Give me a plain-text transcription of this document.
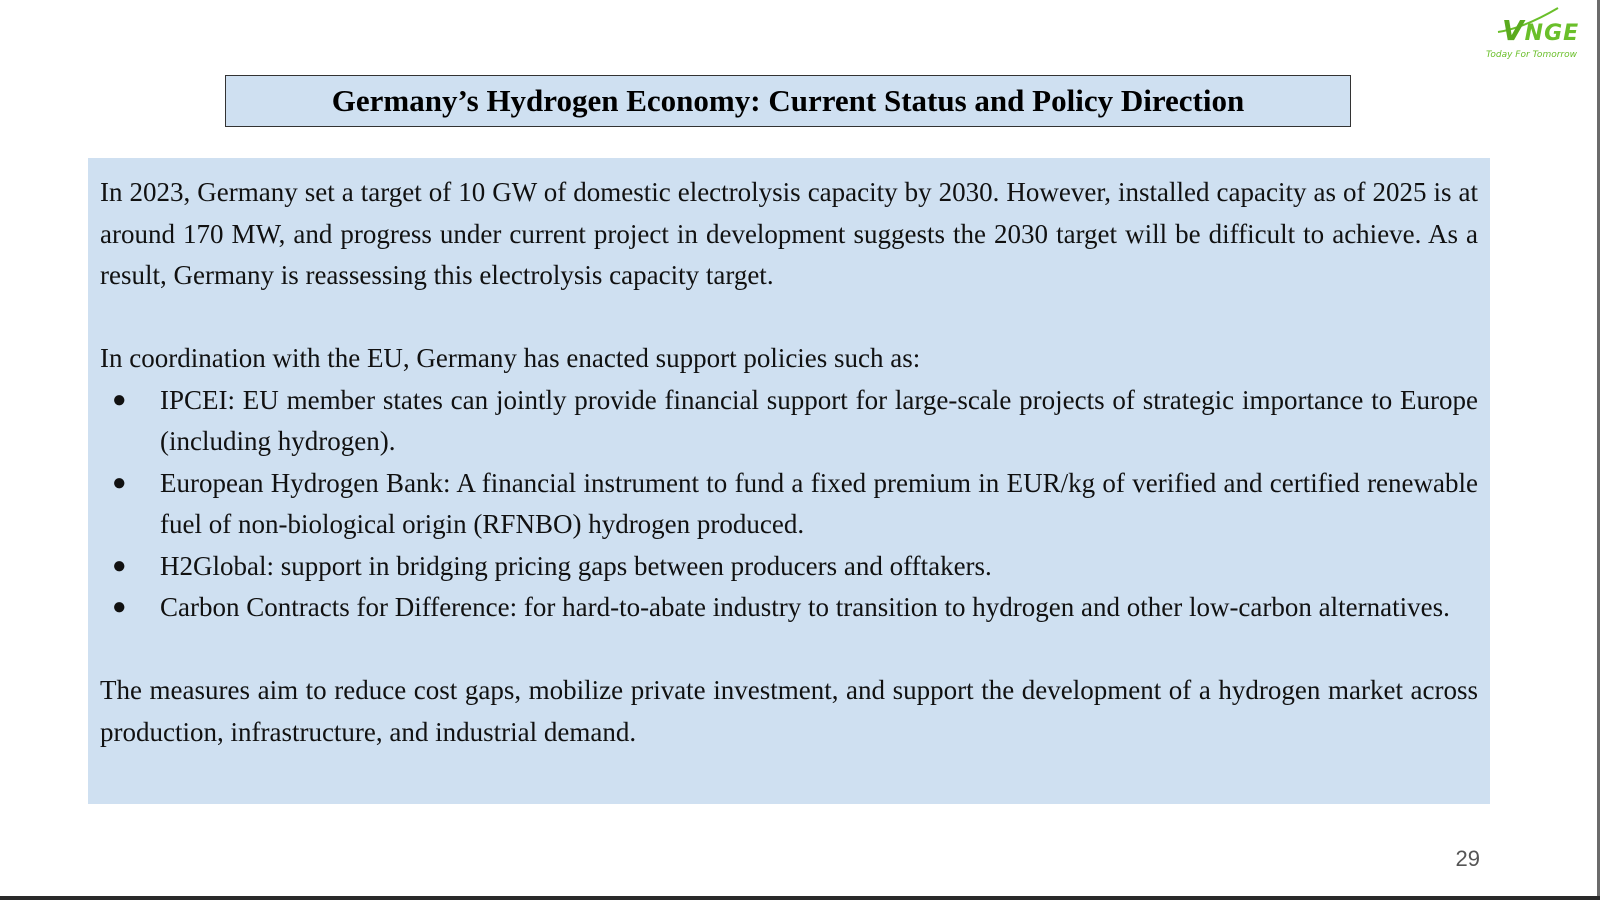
VNGE
Today For Tomorrow
Germany’s Hydrogen Economy: Current Status and Policy Direction

In 2023, Germany set a target of 10 GW of domestic electrolysis capacity by 2030. However, installed capacity as of 2025 is at around 170 MW, and progress under current project in development suggests the 2030 target will be difficult to achieve. As a result, Germany is reassessing this electrolysis capacity target.

In coordination with the EU, Germany has enacted support policies such as:

● IPCEI: EU member states can jointly provide financial support for large-scale projects of strategic importance to Europe (including hydrogen).
● European Hydrogen Bank: A financial instrument to fund a fixed premium in EUR/kg of verified and certified renewable fuel of non-biological origin (RFNBO) hydrogen produced.
● H2Global: support in bridging pricing gaps between producers and offtakers.
● Carbon Contracts for Difference: for hard-to-abate industry to transition to hydrogen and other low-carbon alternatives.

The measures aim to reduce cost gaps, mobilize private investment, and support the development of a hydrogen market across production, infrastructure, and industrial demand.

29
